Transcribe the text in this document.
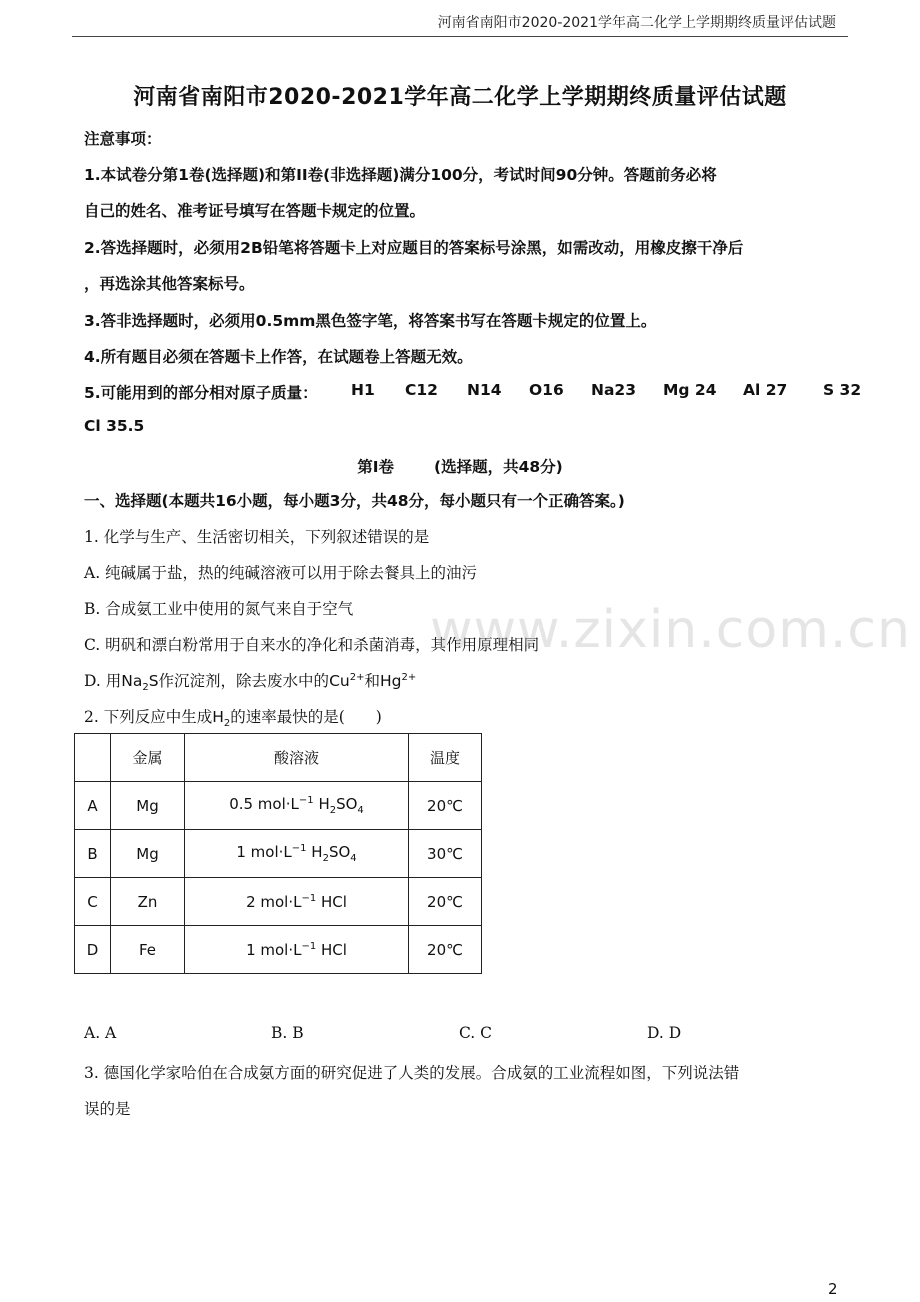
河南省南阳市2020-2021学年高二化学上学期期终质量评估试题
河南省南阳市2020-2021学年高二化学上学期期终质量评估试题
注意事项：
1.本试卷分第1卷(选择题)和第II卷(非选择题)满分100分，考试时间90分钟。答题前务必将
自己的姓名、准考证号填写在答题卡规定的位置。
2.答选择题时，必须用2B铅笔将答题卡上对应题目的答案标号涂黑，如需改动，用橡皮擦干净后
，再选涂其他答案标号。
3.答非选择题时，必须用0.5mm黑色签字笔，将答案书写在答题卡规定的位置上。
4.所有题目必须在答题卡上作答，在试题卷上答题无效。
5.可能用到的部分相对原子质量： H1 C12 N14 O16 Na23 Mg 24 Al 27 S 32
Cl 35.5
第Ⅰ卷	(选择题，共48分)
一、选择题(本题共16小题，每小题3分，共48分，每小题只有一个正确答案。)
1. 化学与生产、生活密切相关，下列叙述错误的是
A. 纯碱属于盐，热的纯碱溶液可以用于除去餐具上的油污
B. 合成氨工业中使用的氮气来自于空气
C. 明矾和漂白粉常用于自来水的净化和杀菌消毒，其作用原理相同
D. 用$Na_2S$作沉淀剂，除去废水中的$Cu^{2+}$和$Hg^{2+}$
2. 下列反应中生成$H_2$的速率最快的是(　　)
	金属	酸溶液	温度
A	Mg	0.5 $mol\cdot L^{-1}$ $H_2SO_4$	20℃
B	Mg	1 $mol\cdot L^{-1}$ $H_2SO_4$	30℃
C	Zn	2 $mol\cdot L^{-1}$ HCl	20℃
D	Fe	1 $mol\cdot L^{-1}$ HCl	20℃
A. A	B. B	C. C	D. D
3. 德国化学家哈伯在合成氨方面的研究促进了人类的发展。合成氨的工业流程如图，下列说法错
误的是
www.zixin.com.cn
2
